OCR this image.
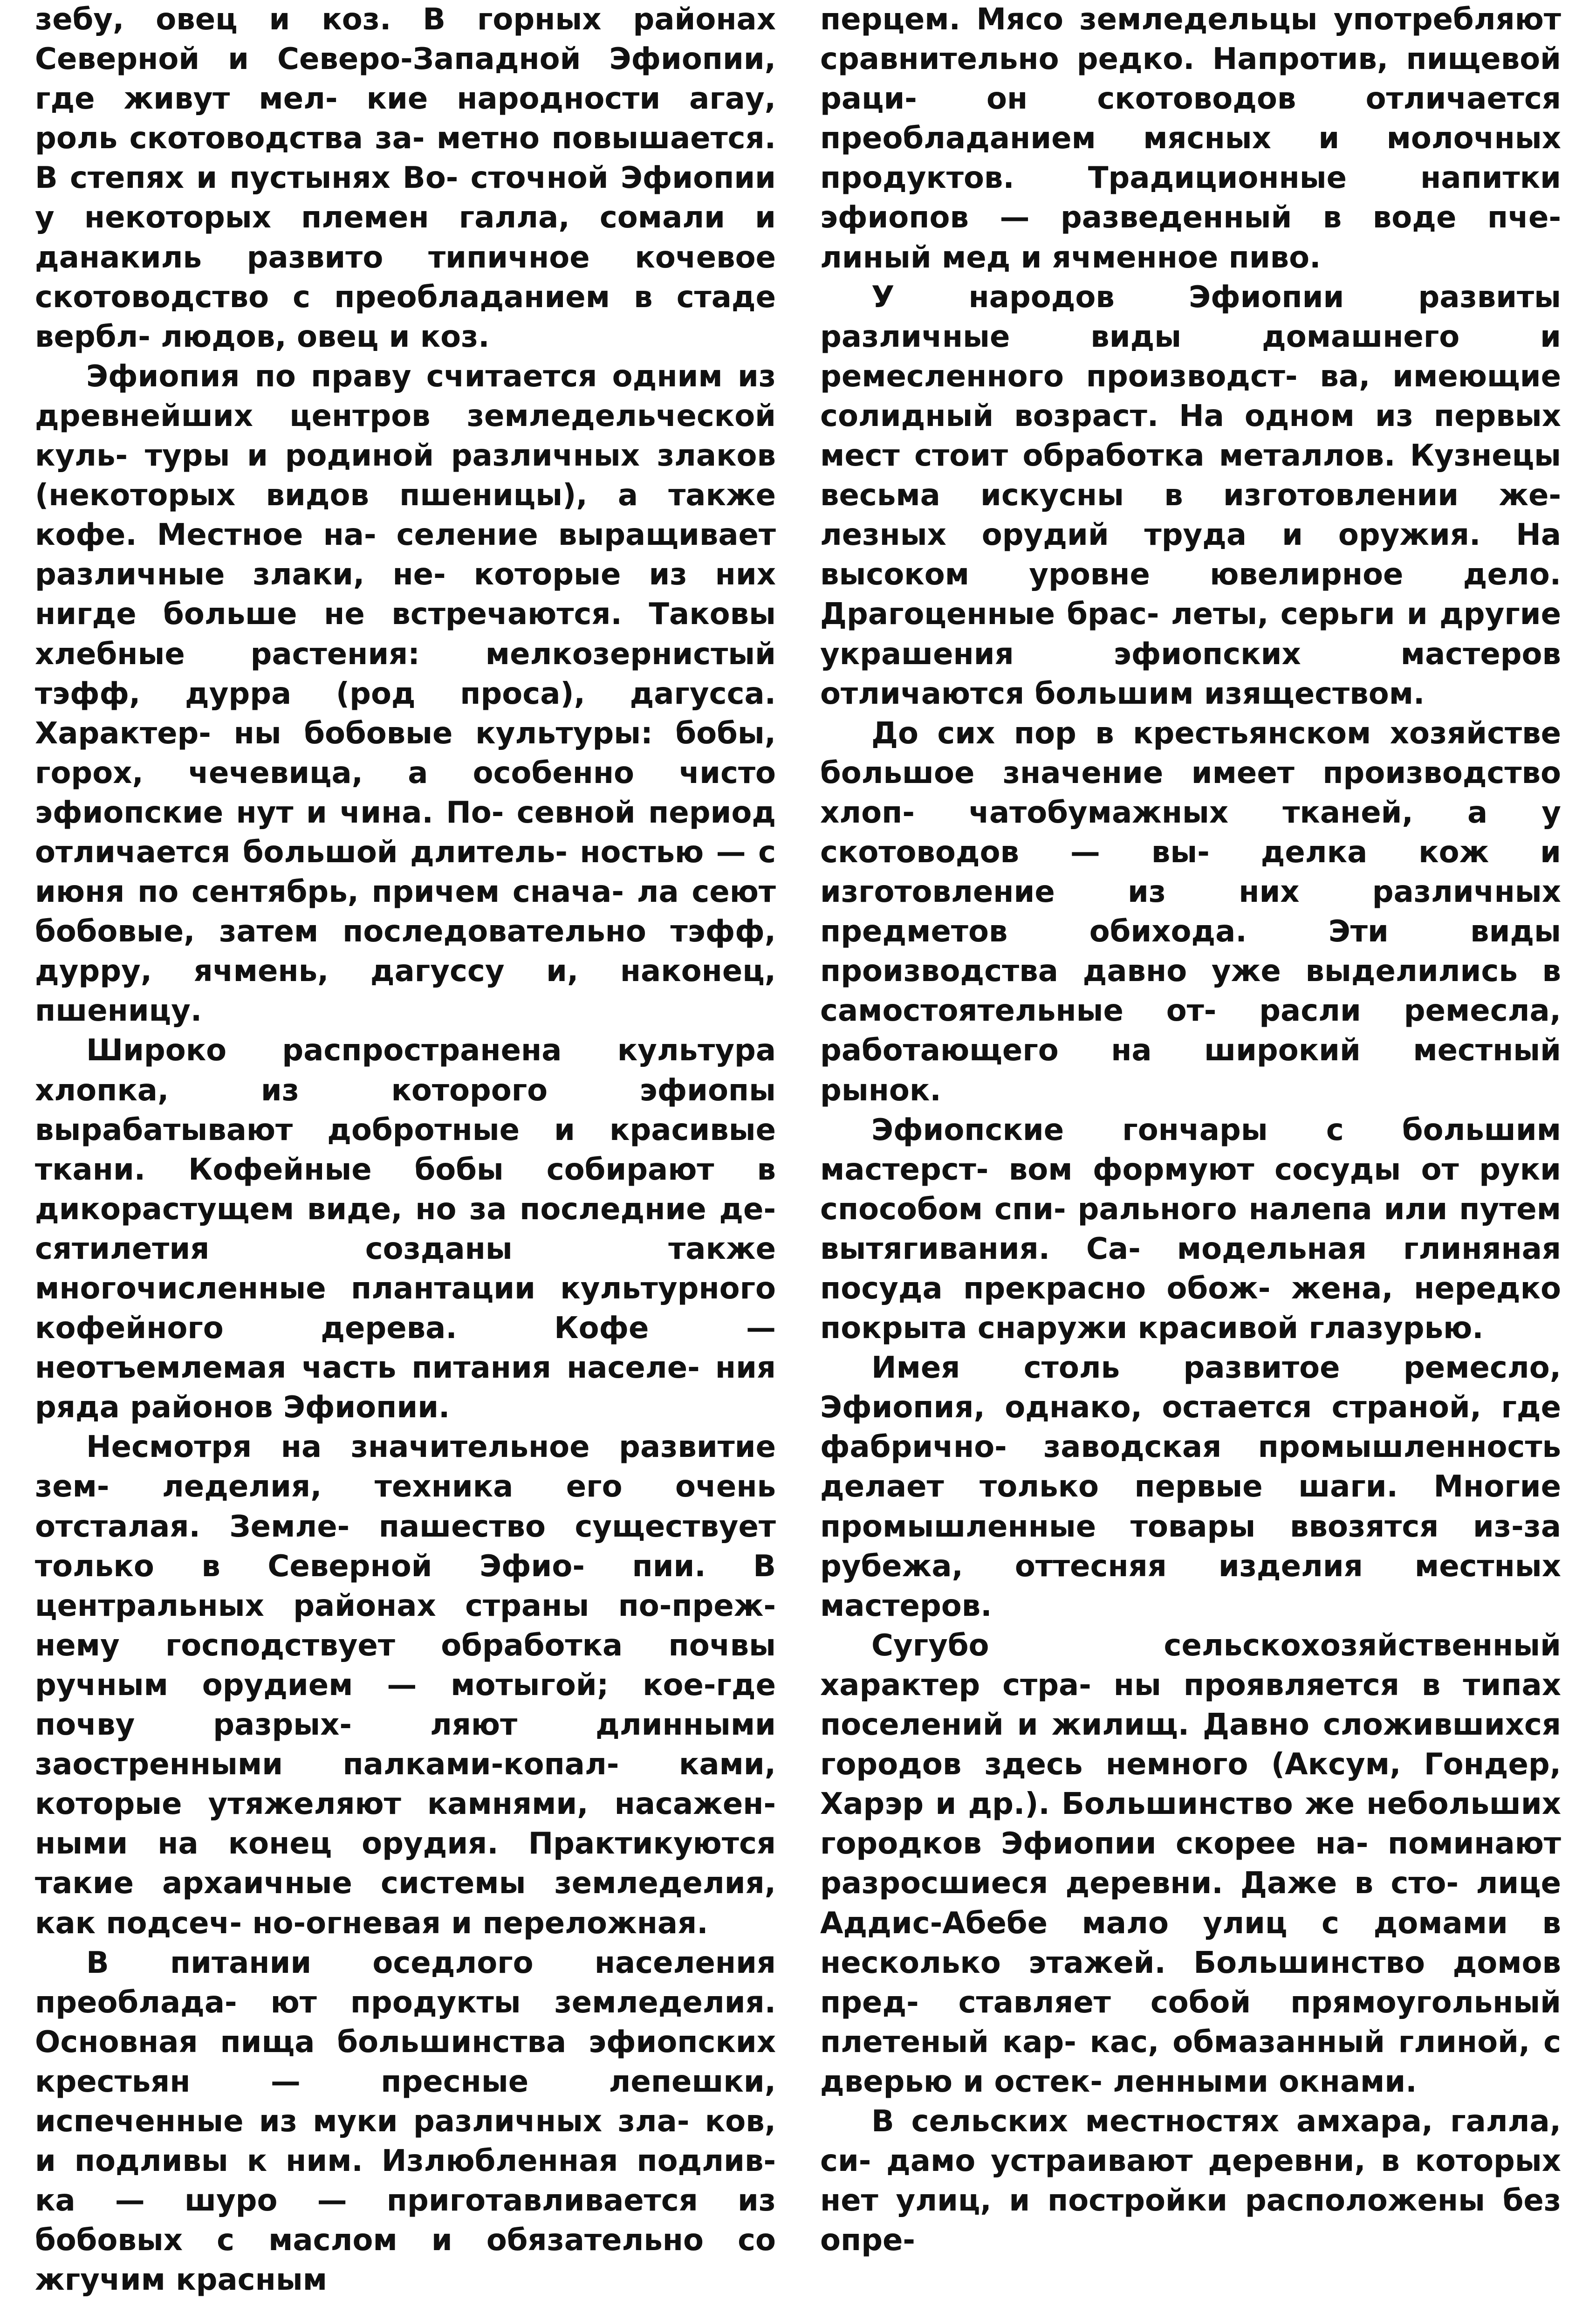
зебу, овец и коз. В горных районах Северной и Северо-Западной Эфиопии, где живут мел- кие народности агау, роль скотоводства за- метно повышается. В степях и пустынях Во- сточной Эфиопии у некоторых племен галла, сомали и данакиль развито типичное кочевое скотоводство с преобладанием в стаде вербл- людов, овец и коз.

Эфиопия по праву считается одним из древнейших центров земледельческой куль- туры и родиной различных злаков (некоторых видов пшеницы), а также кофе. Местное на- селение выращивает различные злаки, не- которые из них нигде больше не встречаются. Таковы хлебные растения: мелкозернистый тэфф, дурра (род проса), дагусса. Характер- ны бобовые культуры: бобы, горох, чечевица, а особенно чисто эфиопские нут и чина. По- севной период отличается большой длитель- ностью — с июня по сентябрь, причем снача- ла сеют бобовые, затем последовательно тэфф, дурру, ячмень, дагуссу и, наконец, пшеницу.

Широко распространена культура хлопка,	из которого эфиопы вырабатывают добротные и красивые ткани. Кофейные бобы собирают в дикорастущем виде, но за последние де- сятилетия созданы также многочисленные плантации культурного кофейного дерева.	Кофе — неотъемлемая часть питания населе- ния ряда районов Эфиопии.

Несмотря на значительное развитие зем- леделия, техника его очень отсталая. Земле- пашество существует только в Северной Эфио- пии. В центральных районах страны по-преж- нему господствует обработка почвы ручным орудием — мотыгой; кое-где почву разрых-	ляют длинными заостренными палками-копал- ками, которые утяжеляют камнями, насажен- ными на конец орудия. Практикуются такие архаичные системы земледелия, как подсеч- но-огневая и переложная.

В питании оседлого населения преоблада- ют продукты земледелия. Основная пища большинства эфиопских крестьян — пресные	лепешки, испеченные из муки различных зла- ков, и подливы к ним. Излюбленная подлив- ка — шуро — приготавливается из бобовых с маслом и обязательно со жгучим красным

перцем. Мясо земледельцы употребляют сравнительно редко. Напротив, пищевой раци- он скотоводов отличается преобладанием мясных и молочных продуктов. Традиционные напитки эфиопов — разведенный в воде пче- линый мед и ячменное пиво.

У народов Эфиопии развиты различные	виды домашнего и ремесленного производст- ва, имеющие солидный возраст. На одном из первых мест стоит обработка металлов. Кузнецы весьма искусны в изготовлении же- лезных орудий труда и оружия. На высоком уровне ювелирное дело. Драгоценные брас- леты, серьги и другие украшения эфиопских	мастеров отличаются большим изяществом.

До сих пор в крестьянском хозяйстве большое значение имеет производство хлоп- чатобумажных тканей, а у скотоводов — вы- делка кож и изготовление из них различных предметов обихода. Эти виды производства давно уже выделились в самостоятельные от- расли ремесла, работающего на широкий местный рынок.

Эфиопские гончары с большим мастерст- вом формуют сосуды от руки способом спи- рального налепа или путем вытягивания. Са- модельная глиняная посуда прекрасно обож- жена, нередко покрыта снаружи красивой глазурью.

Имея столь развитое ремесло, Эфиопия, однако, остается страной, где фабрично- заводская промышленность делает только первые шаги. Многие промышленные товары ввозятся из-за рубежа, оттесняя изделия местных мастеров.

Сугубо сельскохозяйственный характер стра- ны проявляется в типах поселений и жилищ. Давно сложившихся городов здесь немного (Аксум, Гондер, Харэр и др.). Большинство же небольших городков Эфиопии скорее на- поминают разросшиеся деревни. Даже в сто- лице Аддис-Абебе мало улиц с домами в несколько этажей. Большинство домов пред- ставляет собой прямоугольный плетеный кар- кас, обмазанный глиной, с дверью и остек- ленными окнами.

В сельских местностях амхара, галла, си- дамо устраивают деревни, в которых нет улиц, и постройки расположены без опре-
